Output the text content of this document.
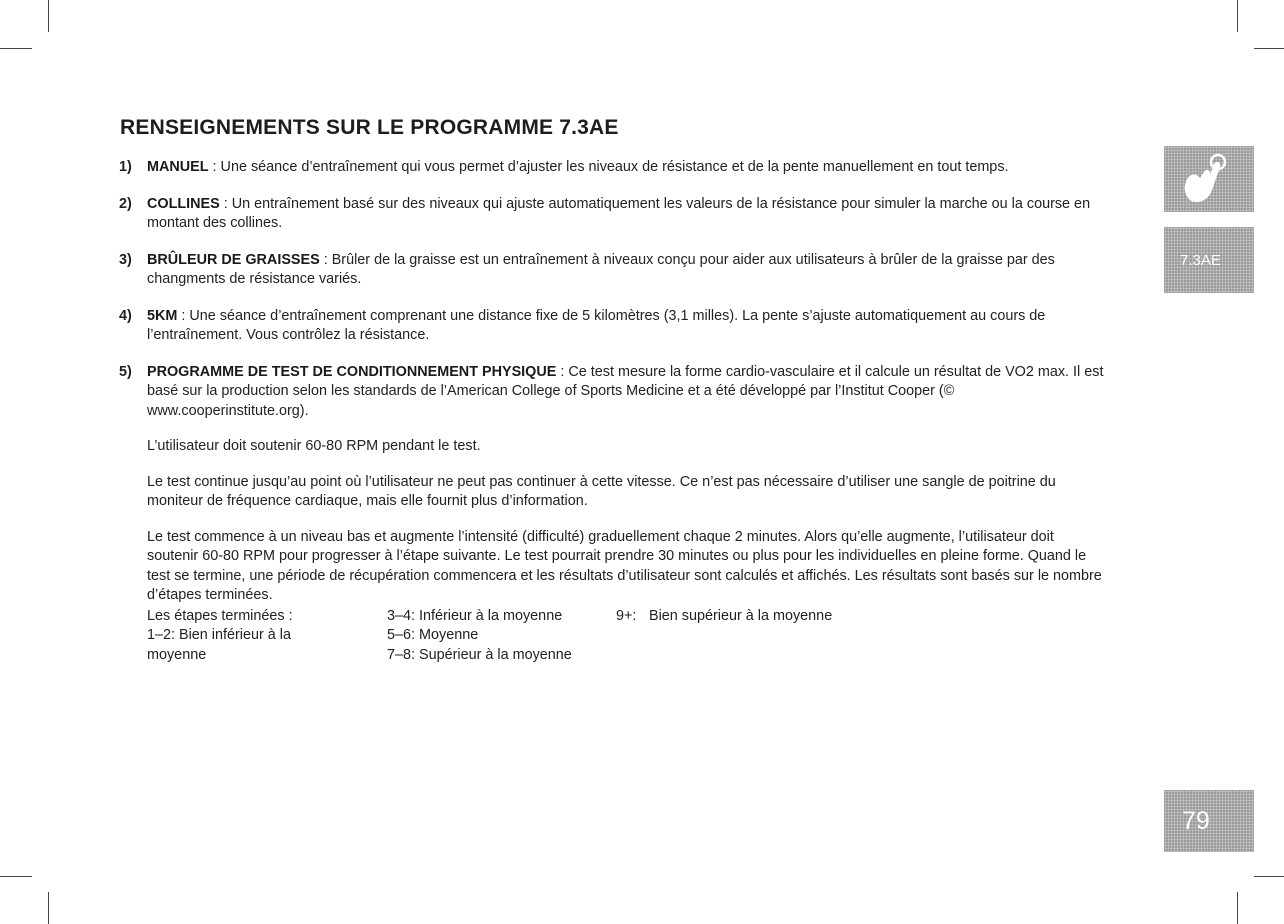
RENSEIGNEMENTS SUR LE PROGRAMME 7.3AE
1) MANUEL : Une séance d’entraînement qui vous permet d’ajuster les niveaux de résistance et de la pente manuellement en tout temps.

2) COLLINES : Un entraînement basé sur des niveaux qui ajuste automatiquement les valeurs de la résistance pour simuler la marche ou la course en montant des collines.

3) BRÛLEUR DE GRAISSES : Brûler de la graisse est un entraînement à niveaux conçu pour aider aux utilisateurs à brûler de la graisse par des changments de résistance variés.

4) 5KM : Une séance d’entraînement comprenant une distance fixe de 5 kilomètres (3,1 milles). La pente s’ajuste automatiquement au cours de l’entraînement. Vous contrôlez la résistance.

5) PROGRAMME DE TEST DE CONDITIONNEMENT PHYSIQUE : Ce test mesure la forme cardio-vasculaire et il calcule un résultat de VO2 max. Il est basé sur la production selon les standards de l’American College of Sports Medicine et a été développé par l’Institut Cooper (© www.cooperinstitute.org).

L’utilisateur doit soutenir 60-80 RPM pendant le test.

Le test continue jusqu’au point où l’utilisateur ne peut pas continuer à cette vitesse. Ce n’est pas nécessaire d’utiliser une sangle de poitrine du moniteur de fréquence cardiaque, mais elle fournit plus d’information.

Le test commence à un niveau bas et augmente l’intensité (difficulté) graduellement chaque 2 minutes. Alors qu’elle augmente, l’utilisateur doit soutenir 60-80 RPM pour progresser à l’étape suivante. Le test pourrait prendre 30 minutes ou plus pour les individuelles en pleine forme. Quand le test se termine, une période de récupération commencera et les résultats d’utilisateur sont calculés et affichés. Les résultats sont basés sur le nombre d’étapes terminées.

Les étapes terminées :
1–2: Bien inférieur à la
moyenne
3–4: Inférieur à la moyenne
5–6: Moyenne
7–8: Supérieur à la moyenne
9+: Bien supérieur à la moyenne
7.3AE
79
